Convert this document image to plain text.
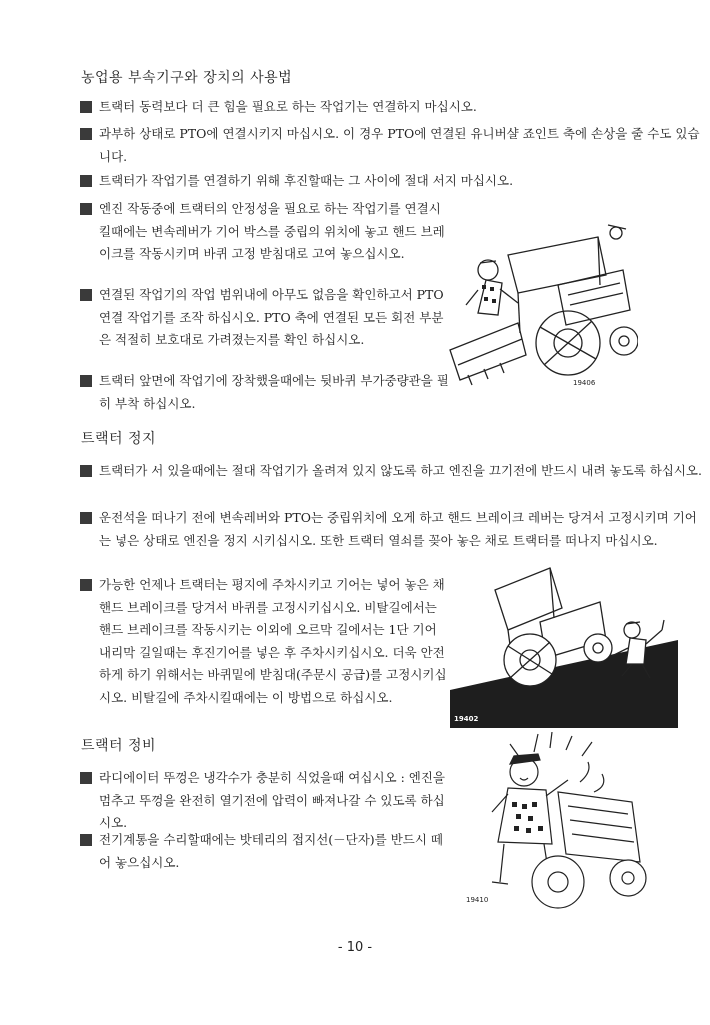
농업용 부속기구와 장치의 사용법
트랙터 동력보다 더 큰 힘을 필요로 하는 작업기는 연결하지 마십시오.
과부하 상태로 PTO에 연결시키지 마십시오. 이 경우 PTO에 연결된 유니버샬 죠인트 축에 손상을 줄 수도 있습니다.
트랙터가 작업기를 연결하기 위해 후진할때는 그 사이에 절대 서지 마십시오.
엔진 작동중에 트랙터의 안정성을 필요로 하는 작업기를 연결시킬때에는 변속레버가 기어 박스를 중립의 위치에 놓고 핸드 브레이크를 작동시키며 바퀴 고정 받침대로 고여 놓으십시오.
연결된 작업기의 작업 범위내에 아무도 없음을 확인하고서 PTO 연결 작업기를 조작 하십시오. PTO 축에 연결된 모든 회전 부분은 적절히 보호대로 가려졌는지를 확인 하십시오.
트랙터 앞면에 작업기에 장착했을때에는 뒷바퀴 부가중량관을 필히 부착 하십시오.
19406
트랙터 정지
트랙터가 서 있을때에는 절대 작업기가 올려져 있지 않도록 하고 엔진을 끄기전에 반드시 내려 놓도록 하십시오.
운전석을 떠나기 전에 변속레버와 PTO는 중립위치에 오게 하고 핸드 브레이크 레버는 당겨서 고정시키며 기어는 넣은 상태로 엔진을 정지 시키십시오. 또한 트랙터 열쇠를 꽂아 놓은 채로 트랙터를 떠나지 마십시오.
가능한 언제나 트랙터는 평지에 주차시키고 기어는 넣어 놓은 채 핸드 브레이크를 당겨서 바퀴를 고정시키십시오. 비탈길에서는 핸드 브레이크를 작동시키는 이외에 오르막 길에서는 1단 기어 내리막 길일때는 후진기어를 넣은 후 주차시키십시오. 더욱 안전하게 하기 위해서는 바퀴밑에 받침대(주문시 공급)를 고정시키십시오. 비탈길에 주차시킬때에는 이 방법으로 하십시오.
19402
트랙터 정비
라디에이터 뚜껑은 냉각수가 충분히 식었을때 여십시오 : 엔진을 멈추고 뚜껑을 완전히 열기전에 압력이 빠져나갈 수 있도록 하십시오.
전기계통을 수리할때에는 밧테리의 접지선(－단자)를 반드시 떼어 놓으십시오.
19410
- 10 -
